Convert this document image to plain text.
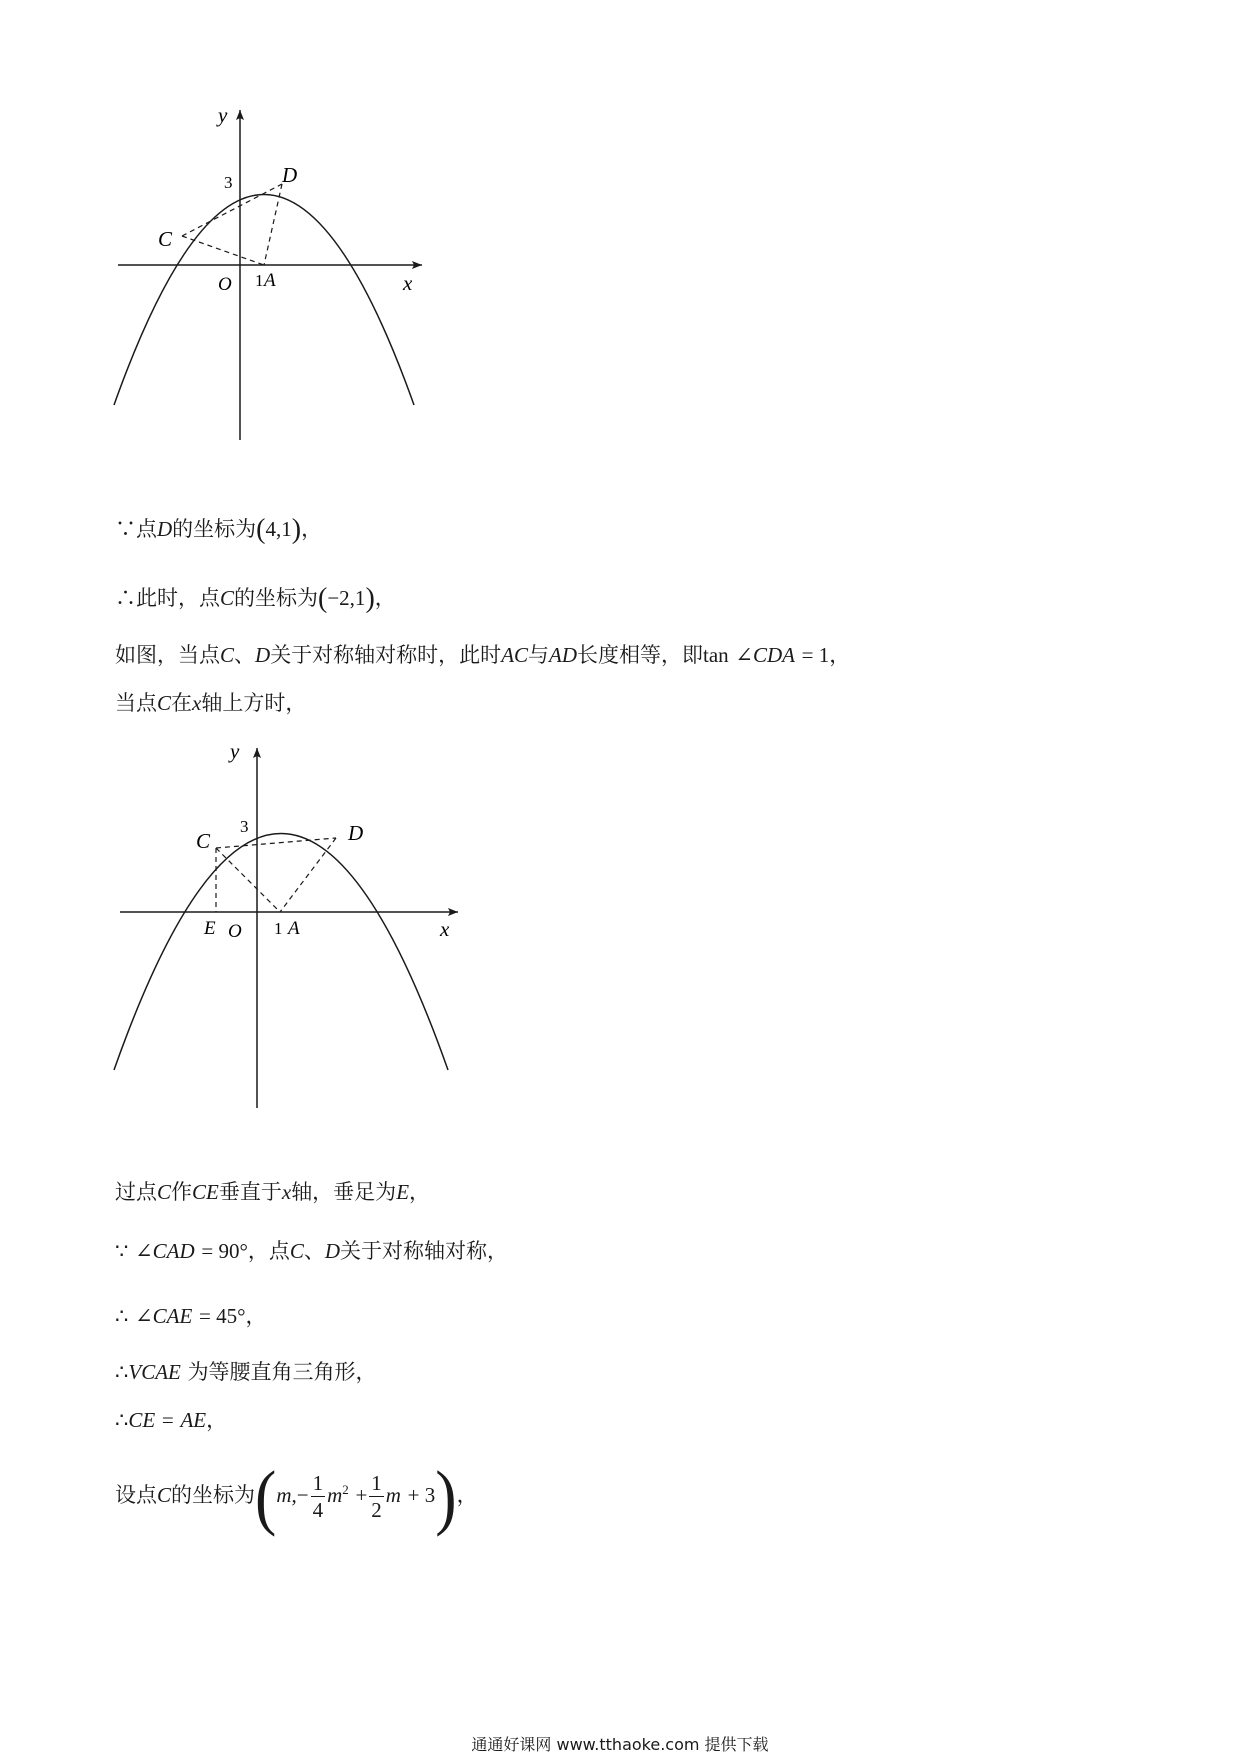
y
x
3
O 1 A
C
D
∵点D的坐标为(4,1)，
∴此时，点C的坐标为(−2,1)，
如图，当点C、D关于对称轴对称时，此时AC与AD长度相等，即tan ∠CDA = 1，
当点C在x轴上方时，
y
x
3
E O 1 A
C	D
过点C作CE垂直于x轴，垂足为E，
∵ ∠CAD = 90°，点C、D关于对称轴对称，
∴ ∠CAE = 45°，
∴VCAE 为等腰直角三角形，
∴CE = AE，
设点C的坐标为($m,- \frac{1}{4} m^2 + \frac{1}{2}$ m + 3)，
通通好课网 www.tthaoke.com 提供下载
